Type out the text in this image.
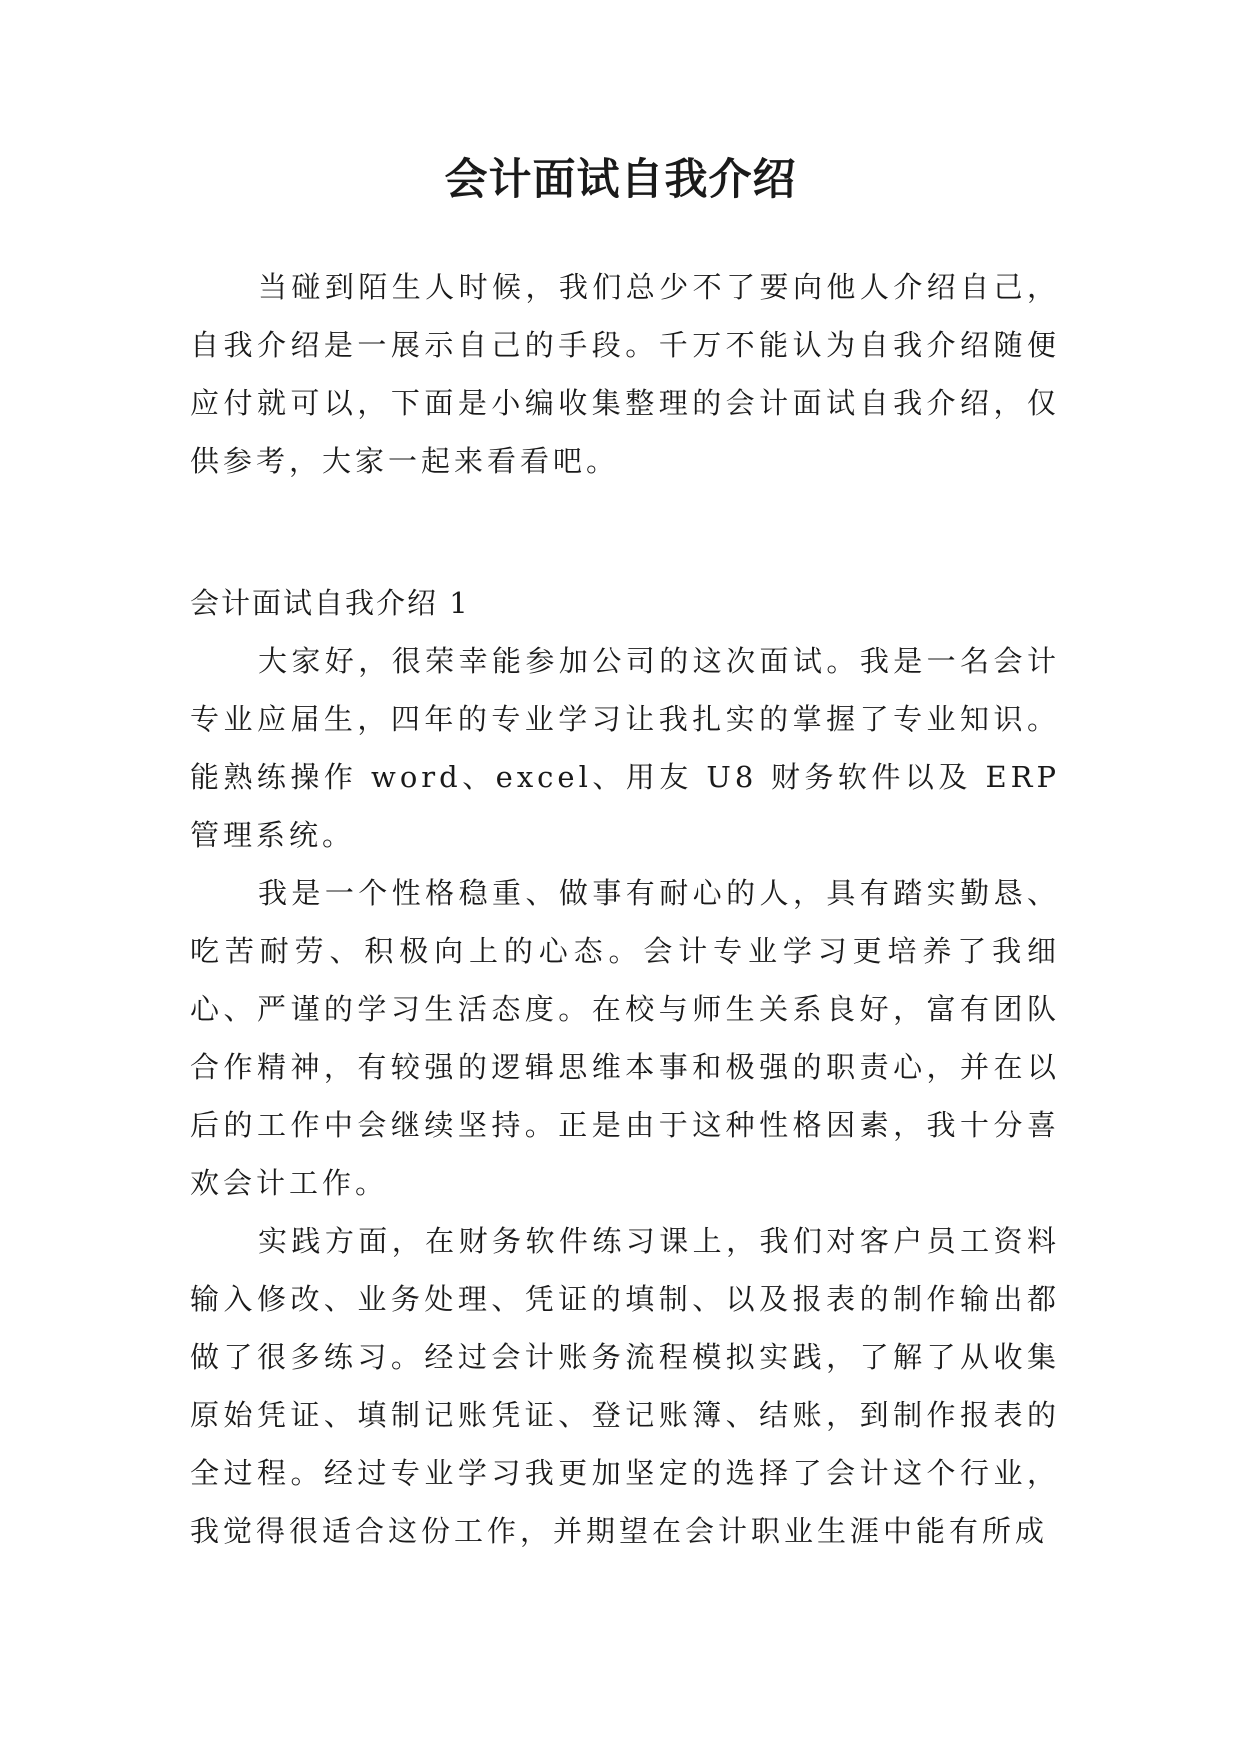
会计面试自我介绍

当碰到陌生人时候，我们总少不了要向他人介绍自己，自我介绍是一展示自己的手段。千万不能认为自我介绍随便应付就可以，下面是小编收集整理的会计面试自我介绍，仅供参考，大家一起来看看吧。

会计面试自我介绍 1

大家好，很荣幸能参加公司的这次面试。我是一名会计专业应届生，四年的专业学习让我扎实的掌握了专业知识。能熟练操作 word、excel、用友 U8 财务软件以及 ERP 管理系统。

我是一个性格稳重、做事有耐心的人，具有踏实勤恳、吃苦耐劳、积极向上的心态。会计专业学习更培养了我细心、严谨的学习生活态度。在校与师生关系良好，富有团队合作精神，有较强的逻辑思维本事和极强的职责心，并在以后的工作中会继续坚持。正是由于这种性格因素，我十分喜欢会计工作。

实践方面，在财务软件练习课上，我们对客户员工资料输入修改、业务处理、凭证的填制、以及报表的制作输出都做了很多练习。经过会计账务流程模拟实践，了解了从收集原始凭证、填制记账凭证、登记账簿、结账，到制作报表的全过程。经过专业学习我更加坚定的选择了会计这个行业，我觉得很适合这份工作，并期望在会计职业生涯中能有所成
